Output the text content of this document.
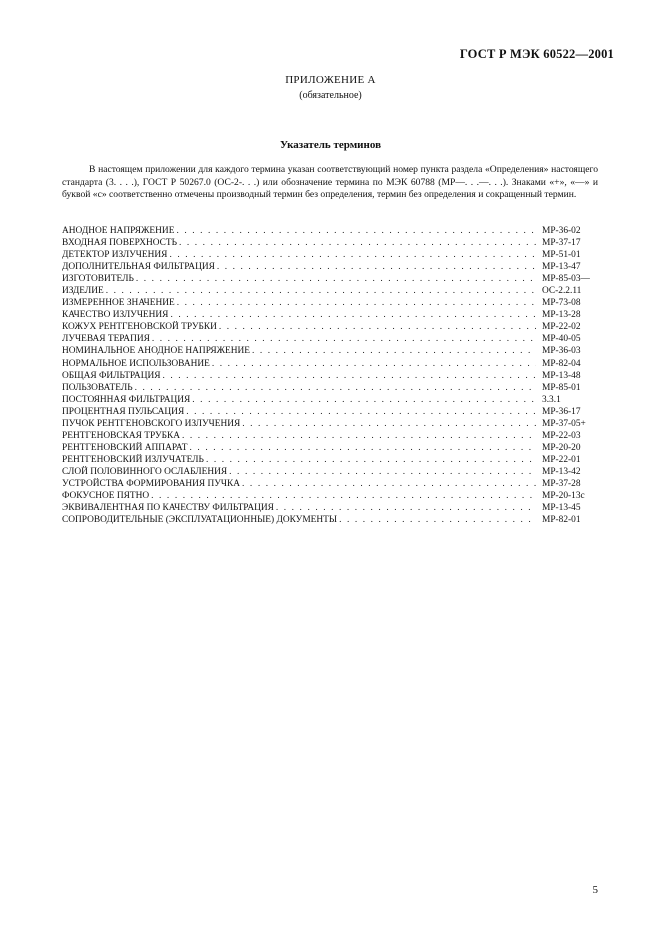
ГОСТ Р МЭК 60522—2001
ПРИЛОЖЕНИЕ А
(обязательное)
Указатель терминов

В настоящем приложении для каждого термина указан соответствующий номер пункта раздела «Определения» настоящего стандарта (3. . . .), ГОСТ Р 50267.0 (ОС-2-. . .) или обозначение термина по МЭК 60788 (МР—. . .—. . .). Знаками «+», «—» и буквой «с» соответственно отмечены производный термин без определения, термин без определения и сокращенный термин.

АНОДНОЕ НАПРЯЖЕНИЕ . . .	МР-36-02
ВХОДНАЯ ПОВЕРХНОСТЬ . . .	МР-37-17
ДЕТЕКТОР ИЗЛУЧЕНИЯ . . .	МР-51-01
ДОПОЛНИТЕЛЬНАЯ ФИЛЬТРАЦИЯ . . .	МР-13-47
ИЗГОТОВИТЕЛЬ . . .	МР-85-03—
ИЗДЕЛИЕ . . .	ОС-2.2.11
ИЗМЕРЕННОЕ ЗНАЧЕНИЕ . . .	МР-73-08
КАЧЕСТВО ИЗЛУЧЕНИЯ . . .	МР-13-28
КОЖУХ РЕНТГЕНОВСКОЙ ТРУБКИ . . .	МР-22-02
ЛУЧЕВАЯ ТЕРАПИЯ . . .	МР-40-05
НОМИНАЛЬНОЕ АНОДНОЕ НАПРЯЖЕНИЕ . . .	МР-36-03
НОРМАЛЬНОЕ ИСПОЛЬЗОВАНИЕ . . .	МР-82-04
ОБЩАЯ ФИЛЬТРАЦИЯ . . .	МР-13-48
ПОЛЬЗОВАТЕЛЬ . . .	МР-85-01
ПОСТОЯННАЯ ФИЛЬТРАЦИЯ . . .	3.3.1
ПРОЦЕНТНАЯ ПУЛЬСАЦИЯ . . .	МР-36-17
ПУЧОК РЕНТГЕНОВСКОГО ИЗЛУЧЕНИЯ . . .	МР-37-05+
РЕНТГЕНОВСКАЯ ТРУБКА . . .	МР-22-03
РЕНТГЕНОВСКИЙ АППАРАТ . . .	МР-20-20
РЕНТГЕНОВСКИЙ ИЗЛУЧАТЕЛЬ . . .	МР-22-01
СЛОЙ ПОЛОВИННОГО ОСЛАБЛЕНИЯ . . .	МР-13-42
УСТРОЙСТВА ФОРМИРОВАНИЯ ПУЧКА . . .	МР-37-28
ФОКУСНОЕ ПЯТНО . . .	МР-20-13с
ЭКВИВАЛЕНТНАЯ ПО КАЧЕСТВУ ФИЛЬТРАЦИЯ . . .	МР-13-45
СОПРОВОДИТЕЛЬНЫЕ (ЭКСПЛУАТАЦИОННЫЕ) ДОКУМЕНТЫ . . .	МР-82-01
5
